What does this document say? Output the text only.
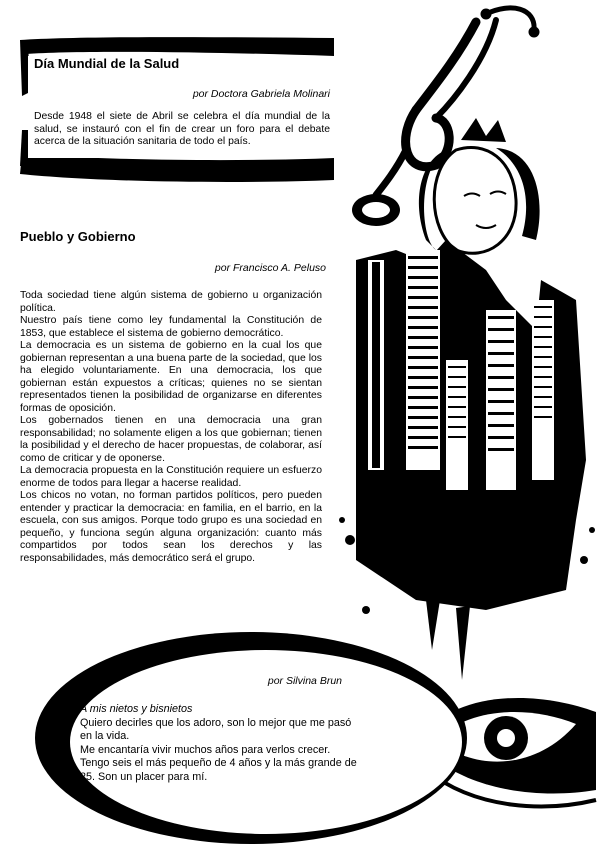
Día Mundial de la Salud
por Doctora Gabriela Molinari

Desde 1948 el siete de Abril se celebra el día mundial de la salud, se instauró con el fin de crear un foro para el debate acerca de la situación sanitaria de todo el país.

Pueblo y Gobierno
por Francisco A. Peluso

Toda sociedad tiene algún sistema de gobierno u organización política.

Nuestro país tiene como ley fundamental la Constitución de 1853, que establece el sistema de gobierno democrático.

La democracia es un sistema de gobierno en la cual los que gobiernan representan a una buena parte de la sociedad, que los ha elegido voluntariamente. En una democracia, los que gobiernan están expuestos a críticas; quienes no se sientan representados tienen la posibilidad de organizarse en diferentes formas de oposición.

Los gobernados tienen en una democracia una gran responsabilidad; no solamente eligen a los que gobiernan; tienen la posibilidad y el derecho de hacer propuestas, de colaborar, así como de criticar y de oponerse.

La democracia propuesta en la Constitución requiere un esfuerzo enorme de todos para llegar a hacerse realidad.

Los chicos no votan, no forman partidos políticos, pero pueden entender y practicar la democracia: en familia, en el barrio, en la escuela, con sus amigos. Porque todo grupo es una sociedad en pequeño, y funciona según alguna organización: cuanto más compartidos por todos sean los derechos y las responsabilidades, más democrático será el grupo.

por Silvina Brun

A mis nietos y bisnietos

Quiero decirles que los adoro, son lo mejor que me pasó en la vida.

Me encantaría vivir muchos años para verlos crecer. Tengo seis el más pequeño de 4 años y la más grande de 25. Son un placer para mí.
